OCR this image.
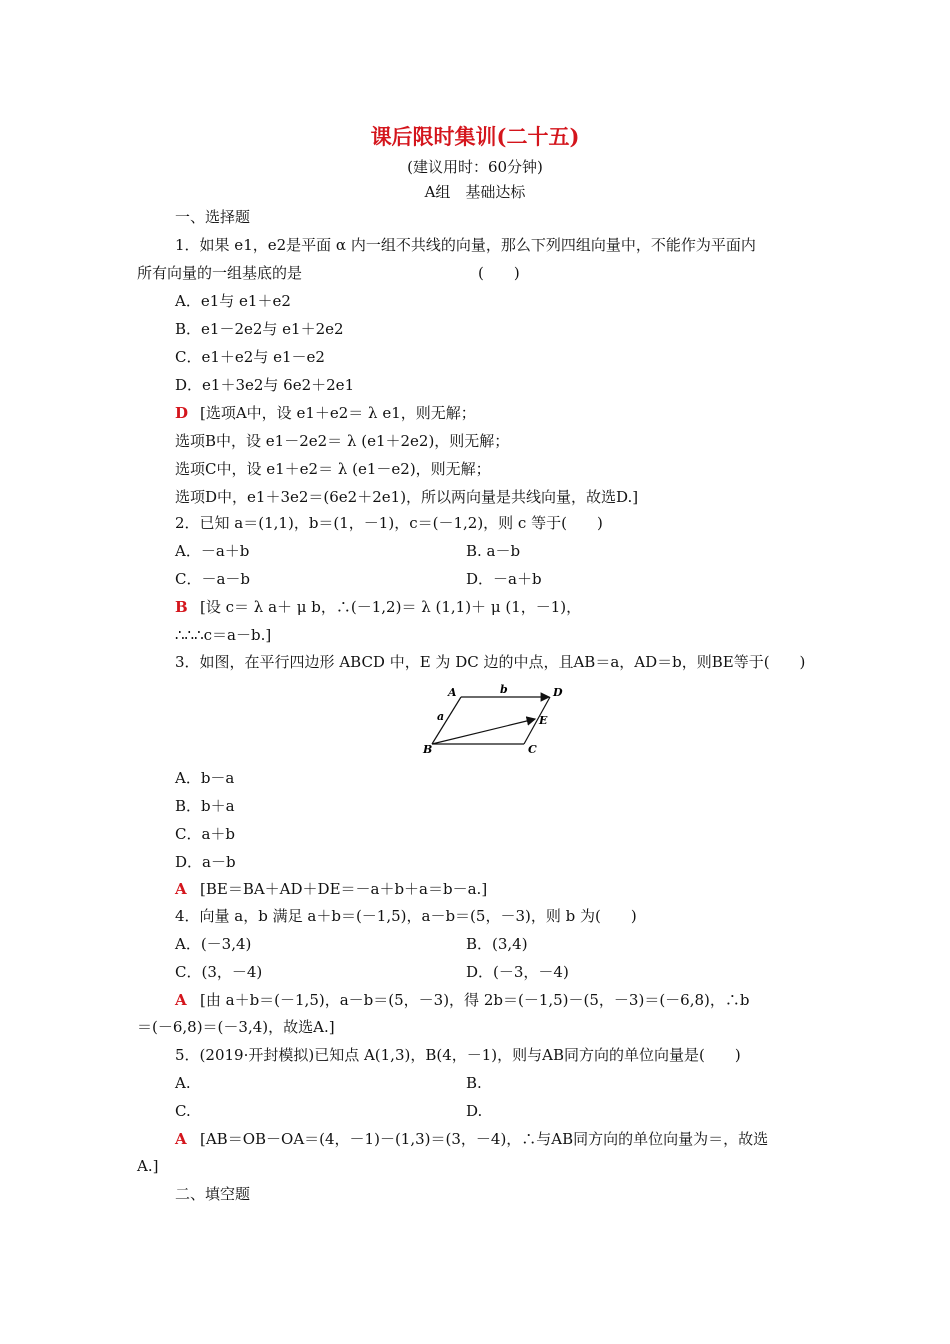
课后限时集训(二十五)
(建议用时：60分钟)
A组　基础达标
一、选择题
1．如果 e1，e2是平面 α 内一组不共线的向量，那么下列四组向量中，不能作为平面内
所有向量的一组基底的是	(　　)
A．e1与 e1＋e2
B．e1－2e2与 e1＋2e2
C．e1＋e2与 e1－e2
D．e1＋3e2与 6e2＋2e1
D [选项A中，设 e1＋e2＝ λ e1，则无解；
选项B中，设 e1－2e2＝ λ (e1＋2e2)，则无解；
选项C中，设 e1＋e2＝ λ (e1－e2)，则无解；
选项D中，e1＋3e2＝(6e2＋2e1)，所以两向量是共线向量，故选D.]
2．已知 a＝(1,1)，b＝(1，－1)，c＝(－1,2)，则 c 等于(　　)
A．－a＋b	B. a－b
C．－a－b	D．－a＋b
B [设 c＝ λ a＋ μ b，∴(－1,2)＝ λ (1,1)＋ μ (1，－1)，
∴∴∴c＝a－b.]
3．如图，在平行四边形 ABCD 中，E 为 DC 边的中点，且AB＝a，AD＝b，则BE等于(　　)
A
B	C
D
E
a
b
A．b－a
B．b＋a
C．a＋b
D．a－b
A [BE＝BA＋AD＋DE＝－a＋b＋a＝b－a.]
4．向量 a，b 满足 a＋b＝(－1,5)，a－b＝(5，－3)，则 b 为(　　)
A．(－3,4)	B．(3,4)
C．(3，－4)	D．(－3，－4)
A [由 a＋b＝(－1,5)，a－b＝(5，－3)，得 2b＝(－1,5)－(5，－3)＝(－6,8)，∴b
＝(－6,8)＝(－3,4)，故选A.]
5．(2019·开封模拟)已知点 A(1,3)，B(4，－1)，则与AB同方向的单位向量是(　　)
A.	B.
C.	D.
A [AB＝OB－OA＝(4，－1)－(1,3)＝(3，－4)，∴与AB同方向的单位向量为＝，故选
A.]
二、填空题
